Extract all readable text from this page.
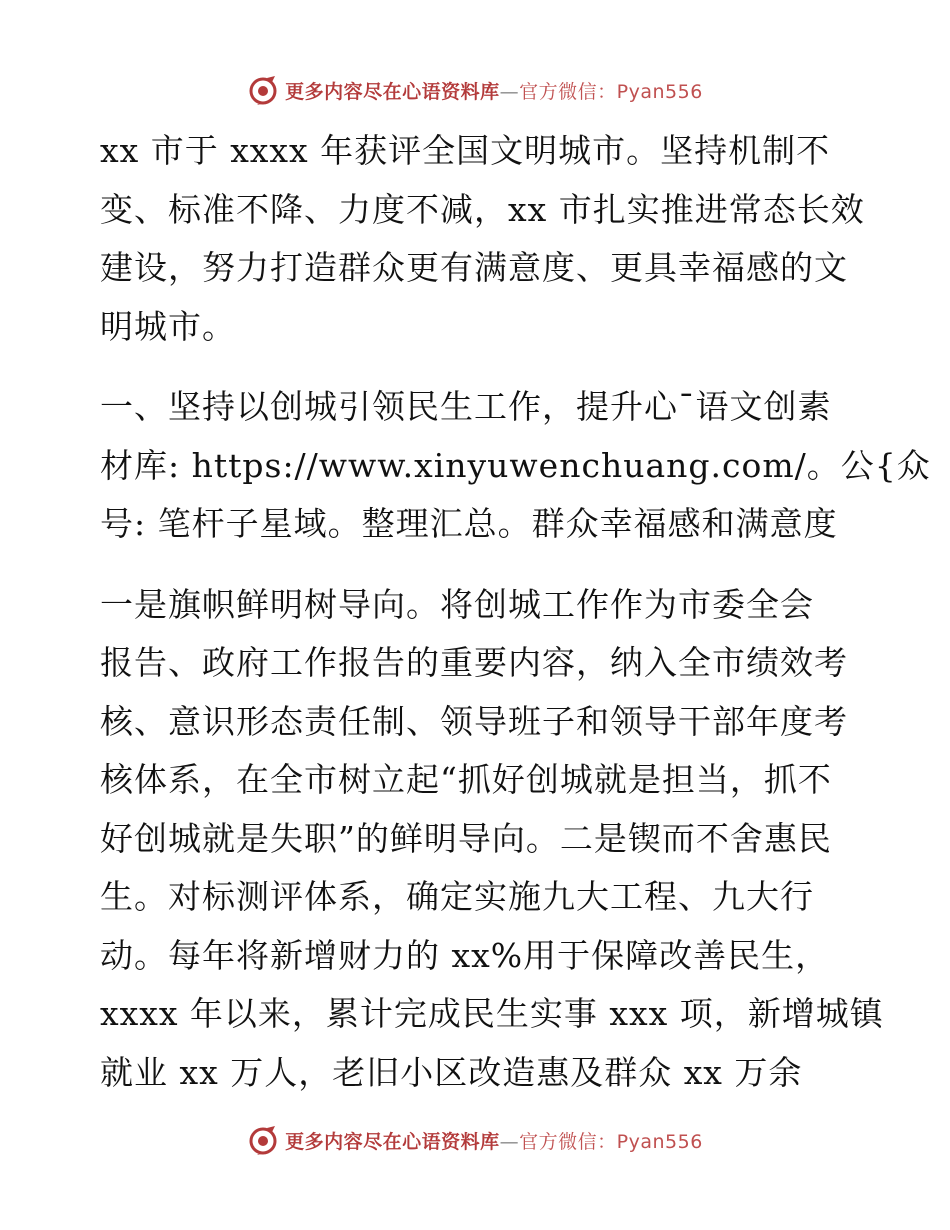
更多内容尽在心语资料库—官方微信：Pyan556
xx 市于 xxxx 年获评全国文明城市。坚持机制不
变、标准不降、力度不减，xx 市扎实推进常态长效
建设，努力打造群众更有满意度、更具幸福感的文
明城市。
一、坚持以创城引领民生工作，提升心¯语文创素
材库: https://www.xinyuwenchuang.com/。公{众
号: 笔杆子星域。整理汇总。群众幸福感和满意度
一是旗帜鲜明树导向。将创城工作作为市委全会
报告、政府工作报告的重要内容，纳入全市绩效考
核、意识形态责任制、领导班子和领导干部年度考
核体系，在全市树立起“抓好创城就是担当，抓不
好创城就是失职”的鲜明导向。二是锲而不舍惠民
生。对标测评体系，确定实施九大工程、九大行
动。每年将新增财力的 xx%用于保障改善民生，
xxxx 年以来，累计完成民生实事 xxx 项，新增城镇
就业 xx 万人，老旧小区改造惠及群众 xx 万余
更多内容尽在心语资料库—官方微信：Pyan556
